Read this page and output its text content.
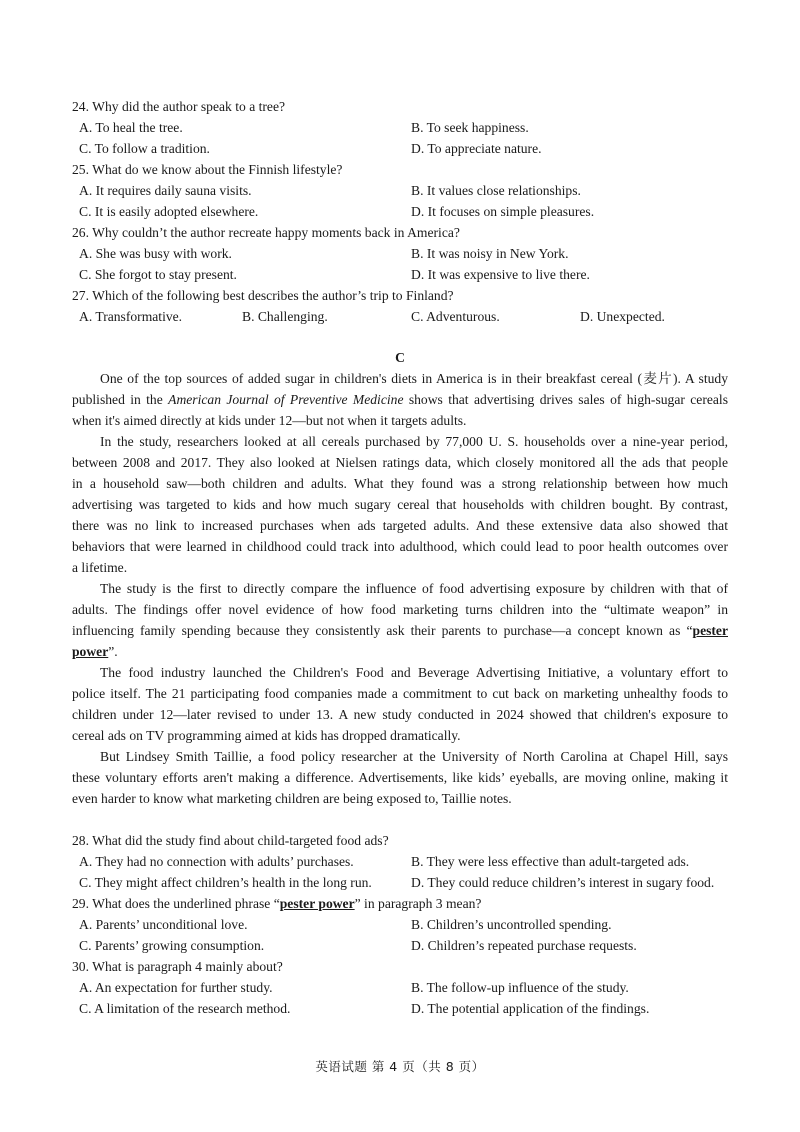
24. Why did the author speak to a tree?
A. To heal the tree.	B. To seek happiness.
C. To follow a tradition.	D. To appreciate nature.
25. What do we know about the Finnish lifestyle?
A. It requires daily sauna visits.	B. It values close relationships.
C. It is easily adopted elsewhere.	D. It focuses on simple pleasures.
26. Why couldn’t the author recreate happy moments back in America?
A. She was busy with work.	B. It was noisy in New York.
C. She forgot to stay present.	D. It was expensive to live there.
27. Which of the following best describes the author’s trip to Finland?
A. Transformative.	B. Challenging.	C. Adventurous.	D. Unexpected.
C
One of the top sources of added sugar in children's diets in America is in their breakfast cereal (麦片). A study
published in the American Journal of Preventive Medicine shows that advertising drives sales of high-sugar cereals
when it's aimed directly at kids under 12—but not when it targets adults.
In the study, researchers looked at all cereals purchased by 77,000 U. S. households over a nine-year period,
between 2008 and 2017. They also looked at Nielsen ratings data, which closely monitored all the ads that people
in a household saw—both children and adults. What they found was a strong relationship between how much
advertising was targeted to kids and how much sugary cereal that households with children bought. By contrast,
there was no link to increased purchases when ads targeted adults. And these extensive data also showed that
behaviors that were learned in childhood could track into adulthood, which could lead to poor health outcomes over
a lifetime.
The study is the first to directly compare the influence of food advertising exposure by children with that of
adults. The findings offer novel evidence of how food marketing turns children into the “ultimate weapon” in
influencing family spending because they consistently ask their parents to purchase—a concept known as “pester
power”.
The food industry launched the Children's Food and Beverage Advertising Initiative, a voluntary effort to
police itself. The 21 participating food companies made a commitment to cut back on marketing unhealthy foods to
children under 12—later revised to under 13. A new study conducted in 2024 showed that children's exposure to
cereal ads on TV programming aimed at kids has dropped dramatically.
But Lindsey Smith Taillie, a food policy researcher at the University of North Carolina at Chapel Hill, says
these voluntary efforts aren't making a difference. Advertisements, like kids’ eyeballs, are moving online, making it
even harder to know what marketing children are being exposed to, Taillie notes.
28. What did the study find about child-targeted food ads?
A. They had no connection with adults’ purchases.	B. They were less effective than adult-targeted ads.
C. They might affect children’s health in the long run.	D. They could reduce children’s interest in sugary food.
29. What does the underlined phrase “pester power” in paragraph 3 mean?
A. Parents’ unconditional love.	B. Children’s uncontrolled spending.
C. Parents’ growing consumption.	D. Children’s repeated purchase requests.
30. What is paragraph 4 mainly about?
A. An expectation for further study.	B. The follow-up influence of the study.
C. A limitation of the research method.	D. The potential application of the findings.
英语试题 第 4 页（共 8 页）
